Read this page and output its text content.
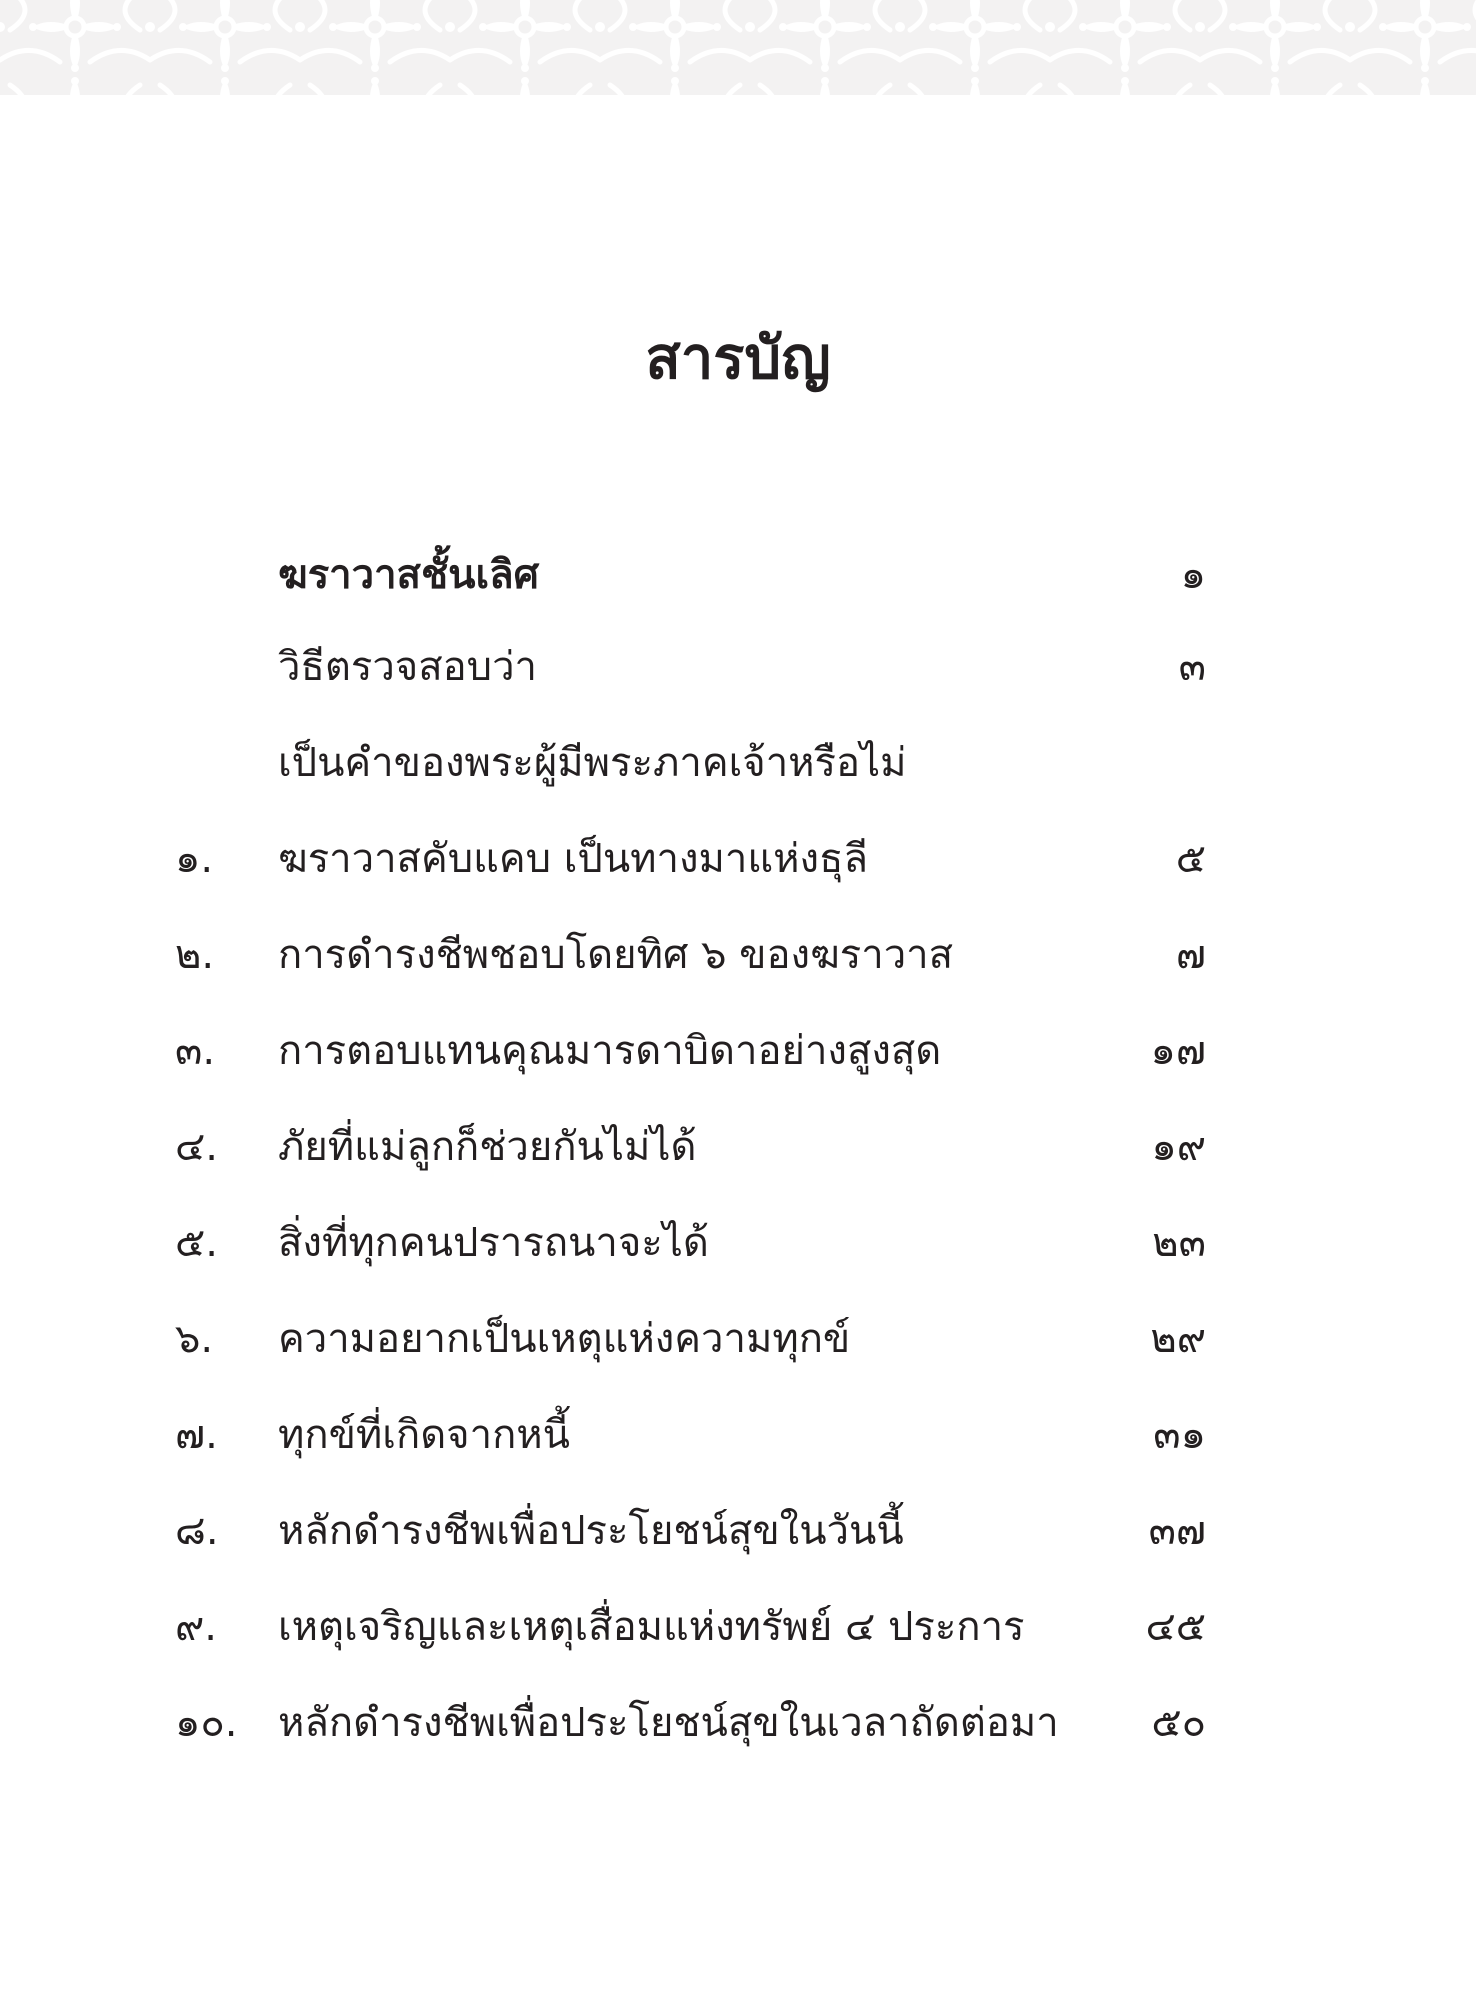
สารบัญ
ฆราวาสชั้นเลิศ	๑
วิธีตรวจสอบว่า	๓
เป็นคำของพระผู้มีพระภาคเจ้าหรือไม่
๑. ฆราวาสคับแคบ เป็นทางมาแห่งธุลี	๕
๒. การดำรงชีพชอบโดยทิศ ๖ ของฆราวาส	๗
๓. การตอบแทนคุณมารดาบิดาอย่างสูงสุด	๑๗
๔. ภัยที่แม่ลูกก็ช่วยกันไม่ได้	๑๙
๕. สิ่งที่ทุกคนปรารถนาจะได้	๒๓
๖. ความอยากเป็นเหตุแห่งความทุกข์	๒๙
๗. ทุกข์ที่เกิดจากหนี้	๓๑
๘. หลักดำรงชีพเพื่อประโยชน์สุขในวันนี้	๓๗
๙. เหตุเจริญและเหตุเสื่อมแห่งทรัพย์ ๔ ประการ	๔๕
๑๐. หลักดำรงชีพเพื่อประโยชน์สุขในเวลาถัดต่อมา ๕๐
